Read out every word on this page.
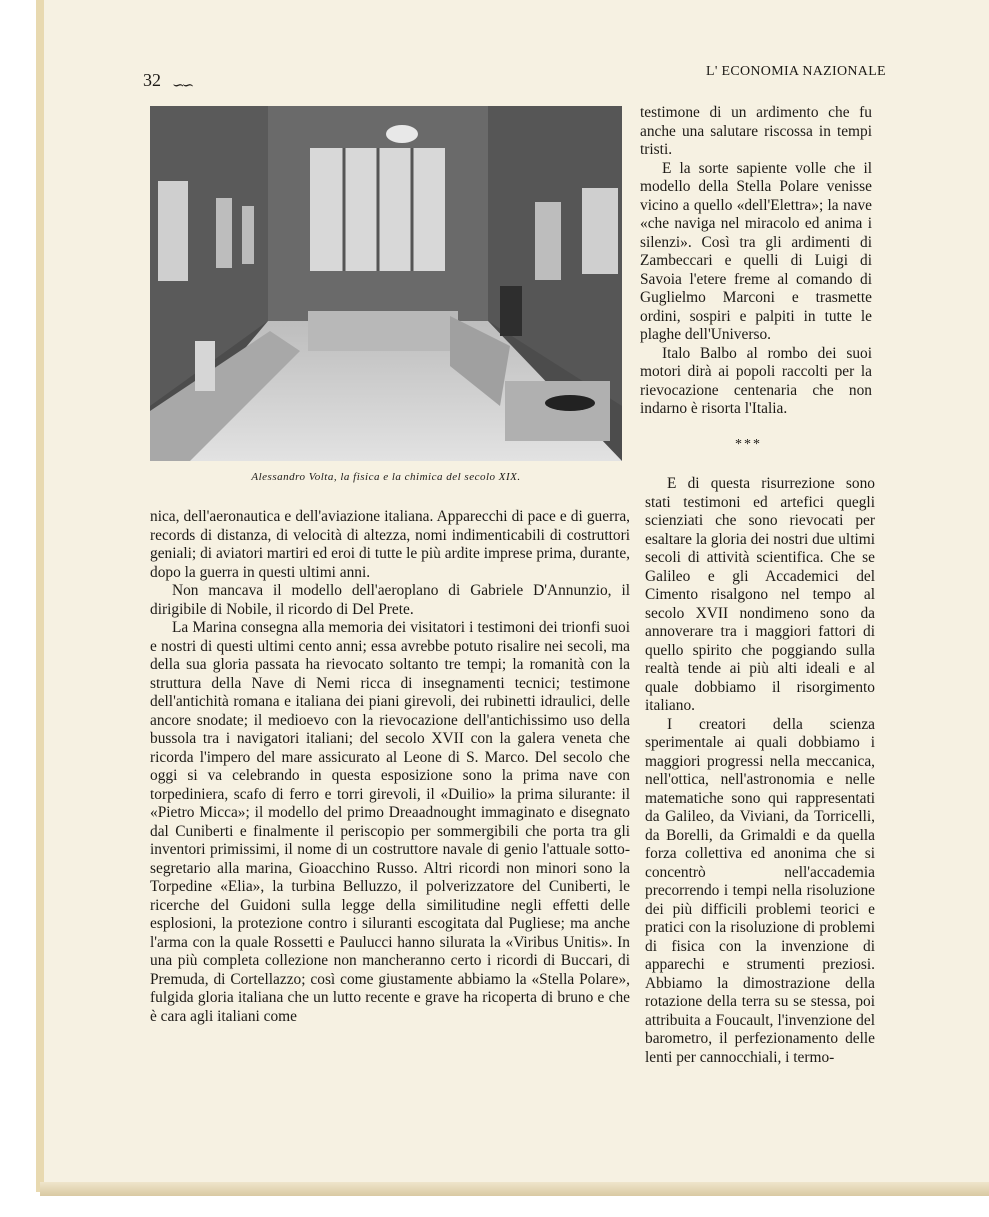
32 ∽∽
L' ECONOMIA NAZIONALE
Alessandro Volta, la fisica e la chimica del secolo XIX.

testimone di un ardimento che fu anche una salutare riscossa in tempi tristi.

E la sorte sapiente volle che il modello della Stella Polare venisse vicino a quello «dell'Elettra»; la nave «che naviga nel miracolo ed anima i silenzi». Così tra gli ardimenti di Zambeccari e quelli di Luigi di Savoia l'etere freme al comando di Guglielmo Marconi e trasmette ordini, sospiri e palpiti in tutte le plaghe dell'Universo.

Italo Balbo al rombo dei suoi motori dirà ai popoli raccolti per la rievocazione centenaria che non indarno è risorta l'Italia.

***

E di questa risurrezione sono stati testimoni ed artefici quegli scienziati che sono rievocati per esaltare la gloria dei nostri due ultimi secoli di attività scientifica. Che se Galileo e gli Accademici del Cimento risalgono nel tempo al secolo XVII nondimeno sono da annoverare tra i maggiori fattori di quello spirito che poggiando sulla realtà tende ai più alti ideali e al quale dobbiamo il risorgimento italiano.

I creatori della scienza sperimentale ai quali dobbiamo i maggiori progressi nella meccanica, nell'ottica, nell'astronomia e nelle matematiche sono qui rappresentati da Galileo, da Viviani, da Torricelli, da Borelli, da Grimaldi e da quella forza collettiva ed anonima che si concentrò nell'accademia precorrendo i tempi nella risoluzione dei più difficili problemi teorici e pratici con la risoluzione di problemi di fisica con la invenzione di apparechi e strumenti preziosi. Abbiamo la dimostrazione della rotazione della terra su se stessa, poi attribuita a Foucault, l'invenzione del barometro, il perfezionamento delle lenti per cannocchiali, i termo-

nica, dell'aeronautica e dell'aviazione italiana. Apparecchi di pace e di guerra, records di distanza, di velocità di altezza, nomi indimenticabili di costruttori geniali; di aviatori martiri ed eroi di tutte le più ardite imprese prima, durante, dopo la guerra in questi ultimi anni.

Non mancava il modello dell'aeroplano di Gabriele D'Annunzio, il dirigibile di Nobile, il ricordo di Del Prete.

La Marina consegna alla memoria dei visitatori i testimoni dei trionfi suoi e nostri di questi ultimi cento anni; essa avrebbe potuto risalire nei secoli, ma della sua gloria passata ha rievocato soltanto tre tempi; la romanità con la struttura della Nave di Nemi ricca di insegnamenti tecnici; testimone dell'antichità romana e italiana dei piani girevoli, dei rubinetti idraulici, delle ancore snodate; il medioevo con la rievocazione dell'antichissimo uso della bussola tra i navigatori italiani; del secolo XVII con la galera veneta che ricorda l'impero del mare assicurato al Leone di S. Marco. Del secolo che oggi si va celebrando in questa esposizione sono la prima nave con torpediniera, scafo di ferro e torri girevoli, il «Duilio» la prima silurante: il «Pietro Micca»; il modello del primo Dreaadnought immaginato e disegnato dal Cuniberti e finalmente il periscopio per sommergibili che porta tra gli inventori primissimi, il nome di un costruttore navale di genio l'attuale sotto-segretario alla marina, Gioacchino Russo. Altri ricordi non minori sono la Torpedine «Elia», la turbina Belluzzo, il polverizzatore del Cuniberti, le ricerche del Guidoni sulla legge della similitudine negli effetti delle esplosioni, la protezione contro i siluranti escogitata dal Pugliese; ma anche l'arma con la quale Rossetti e Paulucci hanno silurata la «Viribus Unitis». In una più completa collezione non mancheranno certo i ricordi di Buccari, di Premuda, di Cortellazzo; così come giustamente abbiamo la «Stella Polare», fulgida gloria italiana che un lutto recente e grave ha ricoperta di bruno e che è cara agli italiani come
